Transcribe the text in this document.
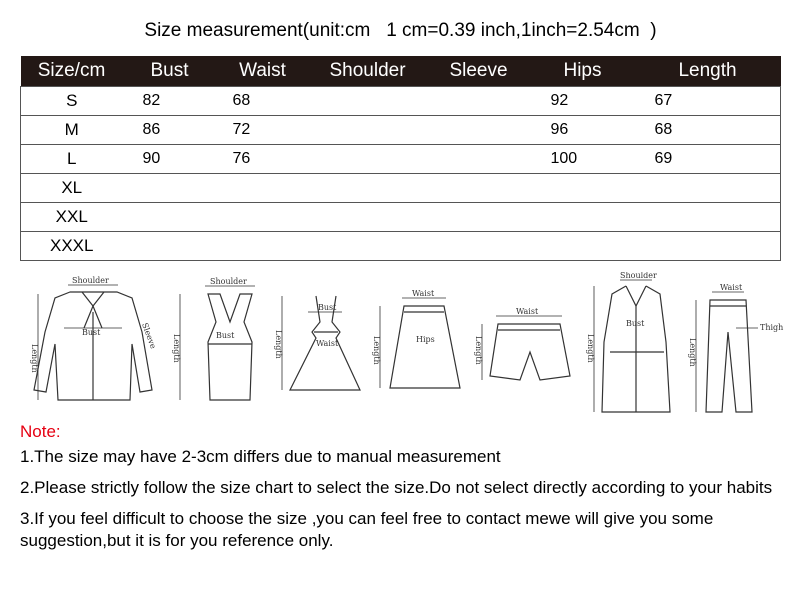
Size measurement(unit:cm   1 cm=0.39 inch,1inch=2.54cm  )
Size/cm	Bust	Waist	Shoulder	Sleeve	Hips	Length
S	82	68			92	67
M	86	72			96	68
L	90	76			100	69
XL						
XXL						
XXXL						
Shoulder
Bust
Length
Sleeve
Shoulder
Bust
Length
Bust
Waist
Length
Waist
Hips
Length
Waist
Length
Shoulder
Bust
Length
Waist
Thigh
Length

Note:

1.The size may have 2-3cm differs due to manual measurement

2.Please strictly follow the size chart to select the size.Do not select directly according to your habits

3.If you feel difficult to choose the size ,you can feel free to contact mewe will give you some suggestion,but it is for you reference only.
